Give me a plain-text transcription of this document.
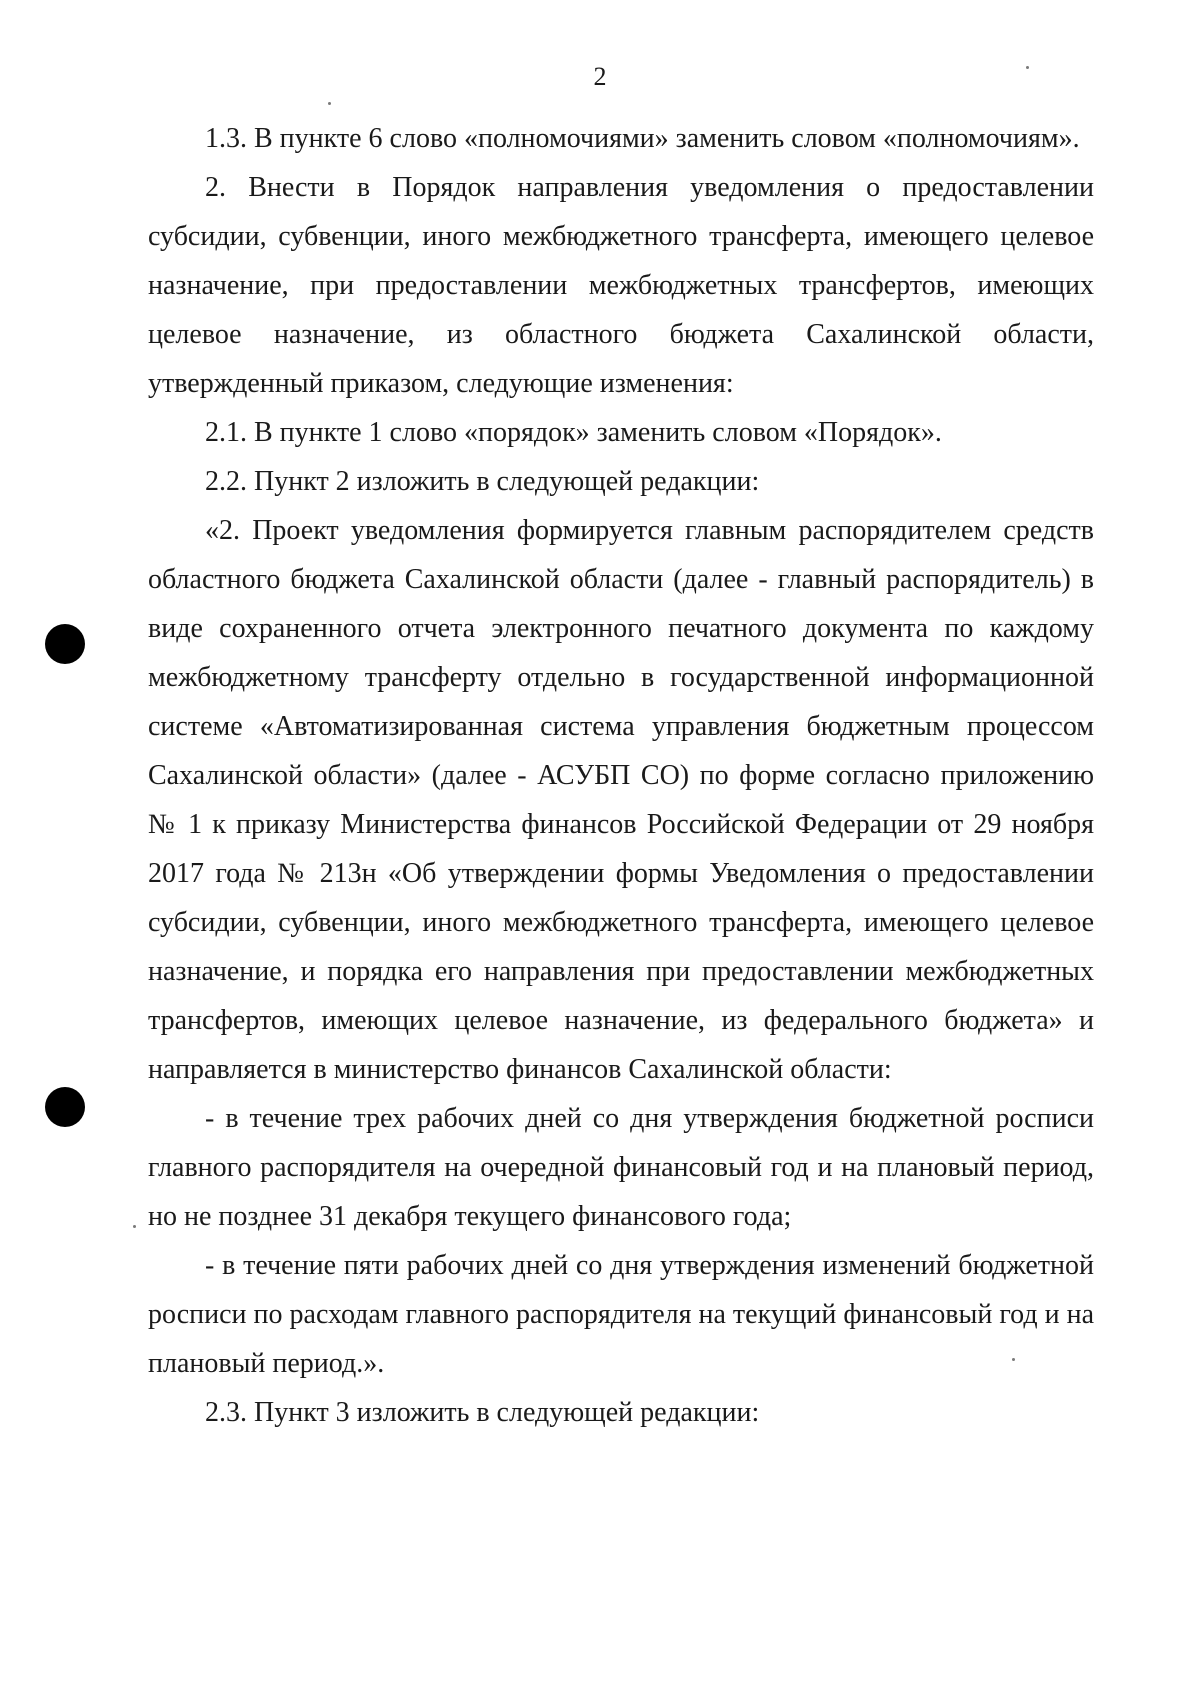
2

1.3. В пункте 6 слово «полномочиями» заменить словом «полномочиям».

2. Внести в Порядок направления уведомления о предоставлении субсидии, субвенции, иного межбюджетного трансферта, имеющего целевое назначение, при предоставлении межбюджетных трансфертов, имеющих целевое назначение, из областного бюджета Сахалинской области, утвержденный приказом, следующие изменения:

2.1. В пункте 1 слово «порядок» заменить словом «Порядок».

2.2. Пункт 2 изложить в следующей редакции:

«2. Проект уведомления формируется главным распорядителем средств областного бюджета Сахалинской области (далее - главный распорядитель) в виде сохраненного отчета электронного печатного документа по каждому межбюджетному трансферту отдельно в государственной информационной системе «Автоматизированная система управления бюджетным процессом Сахалинской области» (далее - АСУБП СО) по форме согласно приложению № 1 к приказу Министерства финансов Российской Федерации от 29 ноября 2017 года № 213н «Об утверждении формы Уведомления о предоставлении субсидии, субвенции, иного межбюджетного трансферта, имеющего целевое назначение, и порядка его направления при предоставлении межбюджетных трансфертов, имеющих целевое назначение, из федерального бюджета» и направляется в министерство финансов Сахалинской области:

- в течение трех рабочих дней со дня утверждения бюджетной росписи главного распорядителя на очередной финансовый год и на плановый период, но не позднее 31 декабря текущего финансового года;

- в течение пяти рабочих дней со дня утверждения изменений бюджетной росписи по расходам главного распорядителя на текущий финансовый год и на плановый период.».

2.3. Пункт 3 изложить в следующей редакции:
